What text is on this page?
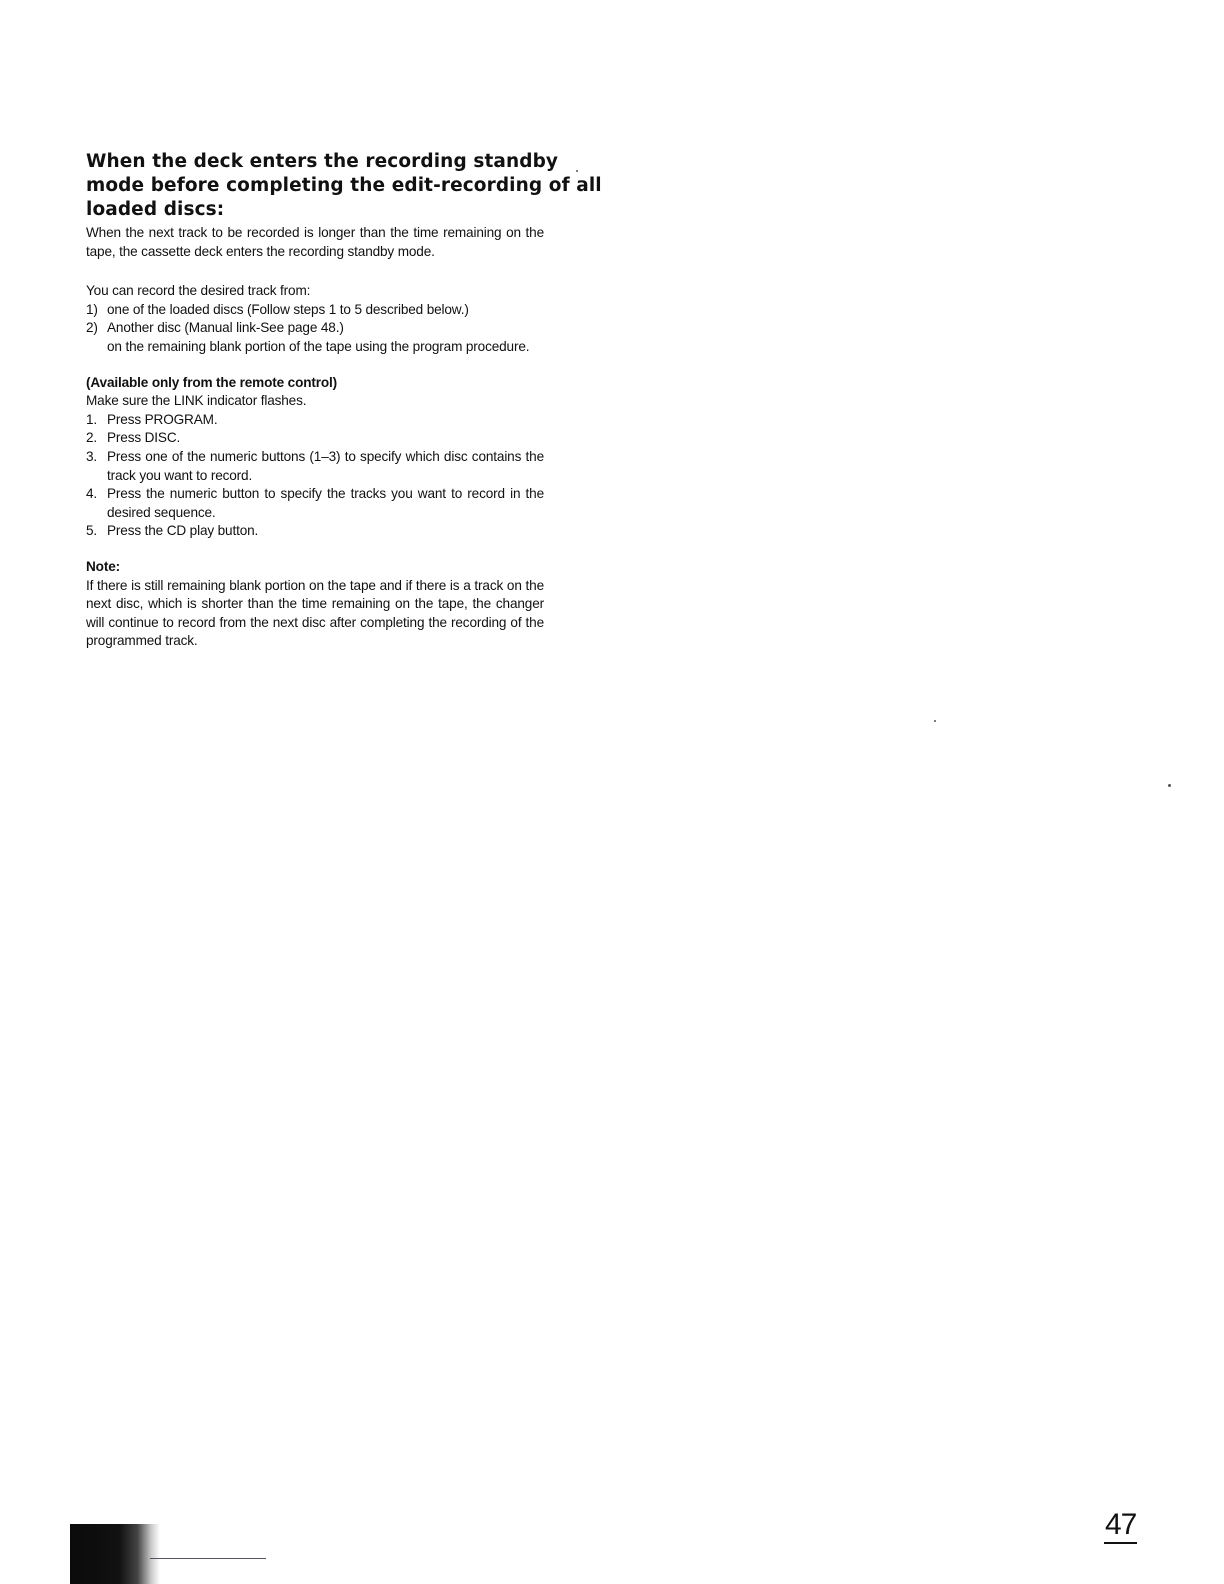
When the deck enters the recording standby
mode before completing the edit-recording of all
loaded discs:

When the next track to be recorded is longer than the time remaining on the tape, the cassette deck enters the recording standby mode.

You can record the desired track from:

1) one of the loaded discs (Follow steps 1 to 5 described below.)
2) Another disc (Manual link-See page 48.)
on the remaining blank portion of the tape using the program procedure.

(Available only from the remote control)

Make sure the LINK indicator flashes.

1. Press PROGRAM.
2. Press DISC.
3. Press one of the numeric buttons (1–3) to specify which disc contains the track you want to record.
4. Press the numeric button to specify the tracks you want to record in the desired sequence.
5. Press the CD play button.

Note:

If there is still remaining blank portion on the tape and if there is a track on the next disc, which is shorter than the time remaining on the tape, the changer will continue to record from the next disc after completing the recording of the programmed track.

47
